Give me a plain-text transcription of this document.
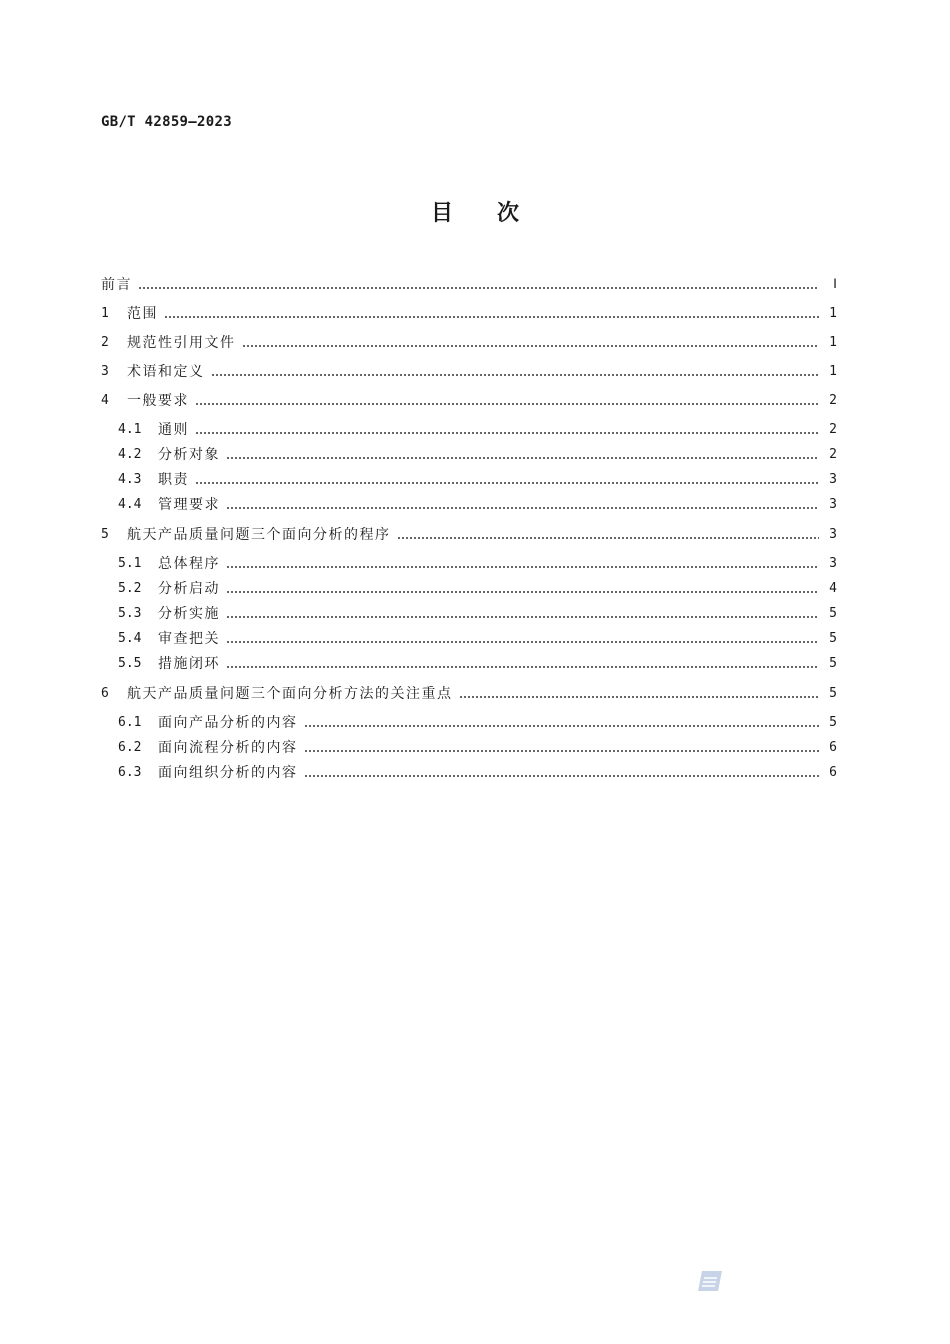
GB/T 42859—2023
目次
前言	Ⅰ
1	范围	1
2	规范性引用文件	1
3	术语和定义	1
4	一般要求	2
4.1	通则	2
4.2	分析对象	2
4.3	职责	3
4.4	管理要求	3
5	航天产品质量问题三个面向分析的程序	3
5.1	总体程序	3
5.2	分析启动	4
5.3	分析实施	5
5.4	审查把关	5
5.5	措施闭环	5
6	航天产品质量问题三个面向分析方法的关注重点	5
6.1	面向产品分析的内容	5
6.2	面向流程分析的内容	6
6.3	面向组织分析的内容	6
